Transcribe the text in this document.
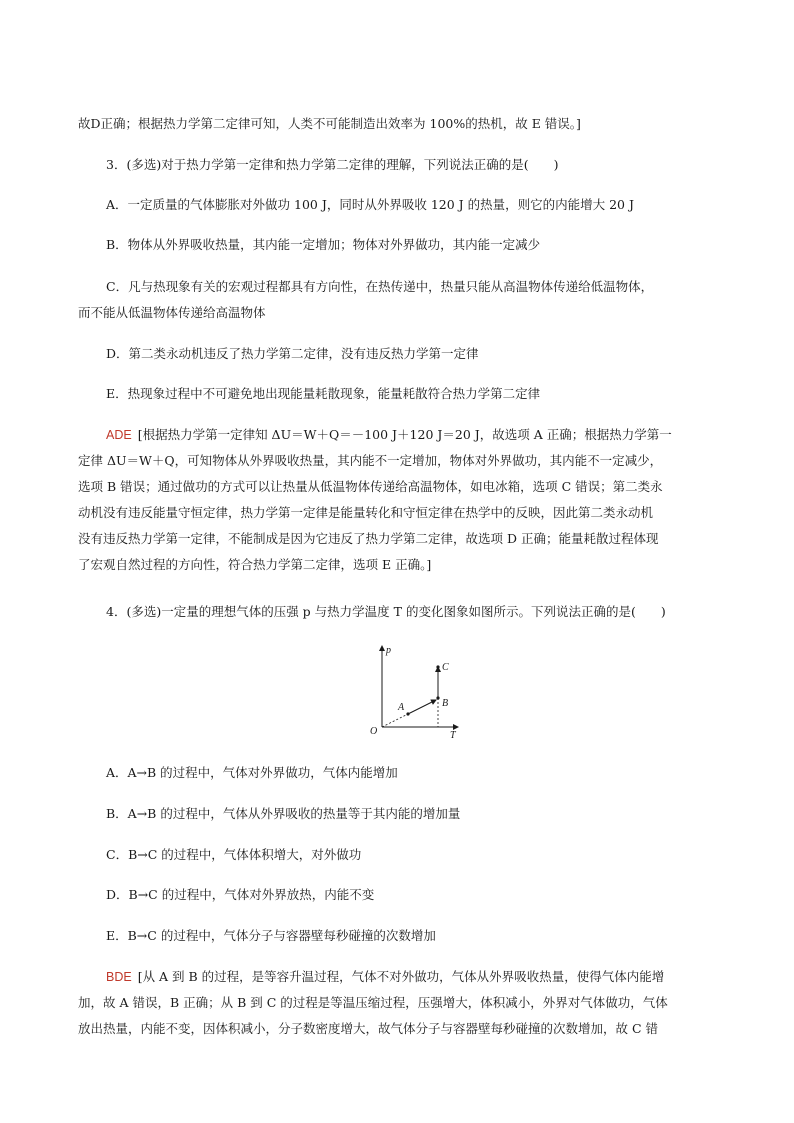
故D正确；根据热力学第二定律可知，人类不可能制造出效率为 100%的热机，故 E 错误。]
3．(多选)对于热力学第一定律和热力学第二定律的理解，下列说法正确的是(　　)
A．一定质量的气体膨胀对外做功 100 J，同时从外界吸收 120 J 的热量，则它的内能增大 20 J
B．物体从外界吸收热量，其内能一定增加；物体对外界做功，其内能一定减少
C．凡与热现象有关的宏观过程都具有方向性，在热传递中，热量只能从高温物体传递给低温物体，
而不能从低温物体传递给高温物体
D．第二类永动机违反了热力学第二定律，没有违反热力学第一定律
E．热现象过程中不可避免地出现能量耗散现象，能量耗散符合热力学第二定律
ADE [根据热力学第一定律知 ΔU＝W＋Q＝－100 J＋120 J＝20 J，故选项 A 正确；根据热力学第一
定律 ΔU＝W＋Q，可知物体从外界吸收热量，其内能不一定增加，物体对外界做功，其内能不一定减少，
选项 B 错误；通过做功的方式可以让热量从低温物体传递给高温物体，如电冰箱，选项 C 错误；第二类永
动机没有违反能量守恒定律，热力学第一定律是能量转化和守恒定律在热学中的反映，因此第二类永动机
没有违反热力学第一定律，不能制成是因为它违反了热力学第二定律，故选项 D 正确；能量耗散过程体现
了宏观自然过程的方向性，符合热力学第二定律，选项 E 正确。]
4．(多选)一定量的理想气体的压强 p 与热力学温度 T 的变化图象如图所示。下列说法正确的是(　　)
p
T
O
A	B
C
A．A→B 的过程中，气体对外界做功，气体内能增加
B．A→B 的过程中，气体从外界吸收的热量等于其内能的增加量
C．B→C 的过程中，气体体积增大，对外做功
D．B→C 的过程中，气体对外界放热，内能不变
E．B→C 的过程中，气体分子与容器壁每秒碰撞的次数增加
BDE [从 A 到 B 的过程，是等容升温过程，气体不对外做功，气体从外界吸收热量，使得气体内能增
加，故 A 错误，B 正确；从 B 到 C 的过程是等温压缩过程，压强增大，体积减小，外界对气体做功，气体
放出热量，内能不变，因体积减小，分子数密度增大，故气体分子与容器壁每秒碰撞的次数增加，故 C 错
